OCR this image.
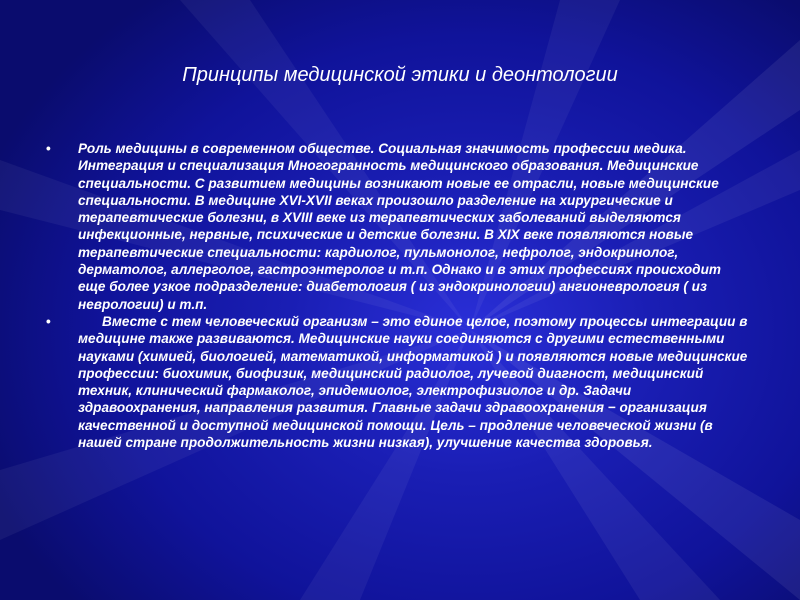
Принципы медицинской этики и деонтологии

• Роль медицины в современном обществе. Социальная значимость профессии медика. Интеграция и специализация Многогранность медицинского образования. Медицинские специальности. С развитием медицины возникают новые ее отрасли, новые медицинские специальности. В медицине XVI-XVII веках произошло разделение на хирургические и терапевтические болезни, в XVIII веке из терапевтических заболеваний выделяются инфекционные, нервные, психические и детские болезни. В XIX веке появляются новые терапевтические специальности: кардиолог, пульмонолог, нефролог, эндокринолог, дерматолог, аллерголог, гастроэнтеролог и т.п. Однако и в этих профессиях происходит еще более узкое подразделение: диабетология ( из эндокринологии) ангионеврология ( из неврологии) и т.п.

•	Вместе с тем человеческий организм – это единое целое, поэтому процессы интеграции в медицине также развиваются. Медицинские науки соединяются с другими естественными науками (химией, биологией, математикой, информатикой ) и появляются новые медицинские профессии: биохимик, биофизик, медицинский радиолог, лучевой диагност, медицинский техник, клинический фармаколог, эпидемиолог, электрофизиолог и др. Задачи здравоохранения, направления развития. Главные задачи здравоохранения − организация качественной и доступной медицинской помощи. Цель – продление человеческой жизни (в нашей стране продолжительность жизни низкая), улучшение качества здоровья.
